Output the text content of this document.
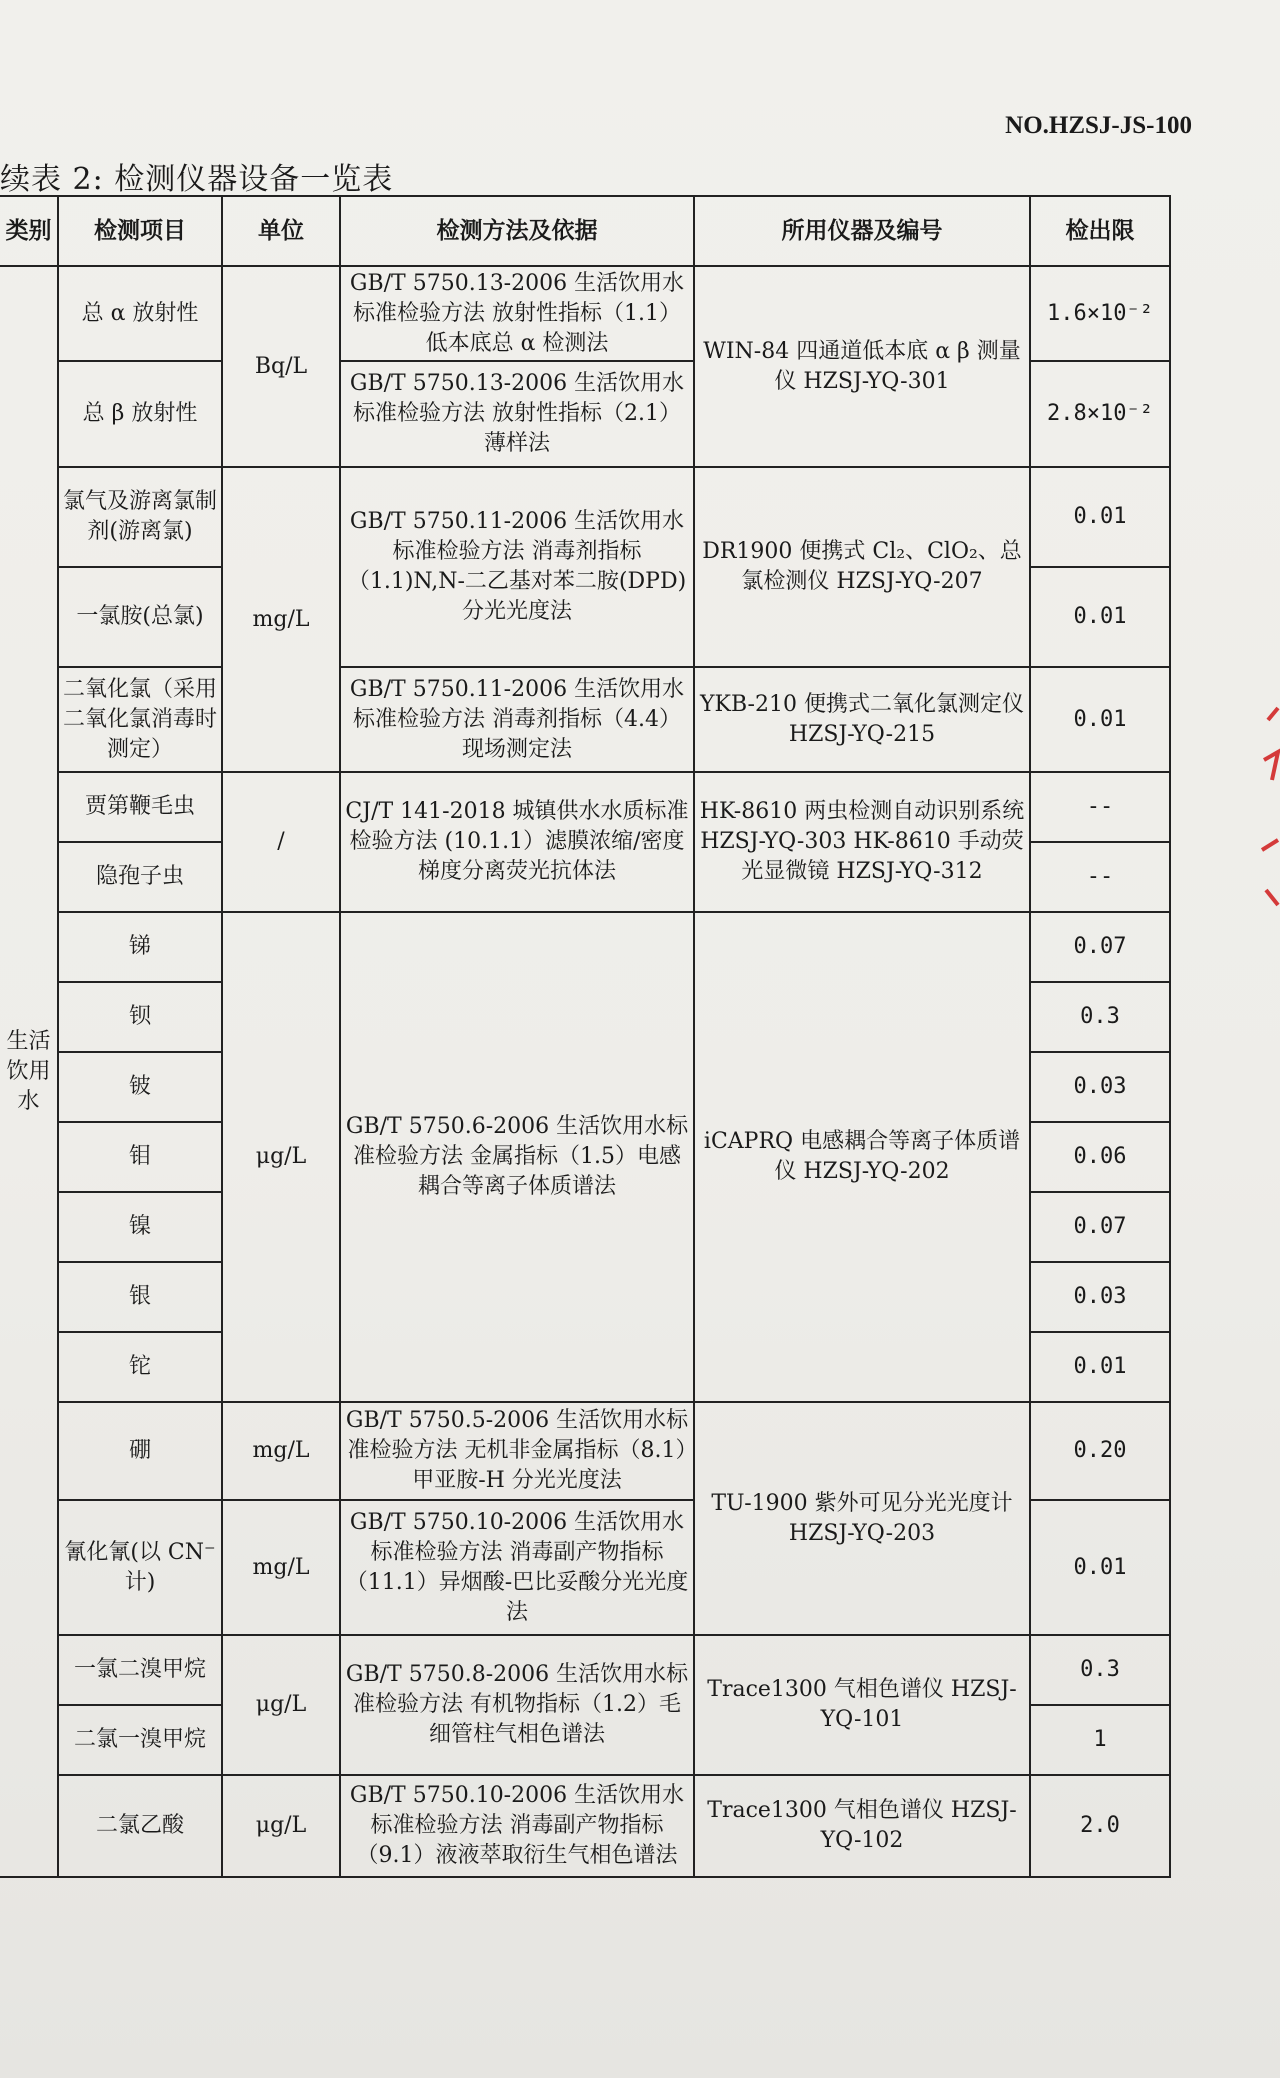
NO.HZSJ-JS-100
续表 2: 检测仪器设备一览表
类别	检测项目	单位	检测方法及依据	所用仪器及编号	检出限
生活饮用水	总 α 放射性	Bq/L	GB/T 5750.13-2006 生活饮用水标准检验方法 放射性指标（1.1）低本底总 α 检测法	WIN-84 四通道低本底 α β 测量仪 HZSJ-YQ-301	1.6×10⁻²
	总 β 放射性		GB/T 5750.13-2006 生活饮用水标准检验方法 放射性指标（2.1）薄样法		2.8×10⁻²
	氯气及游离氯制剂(游离氯)	mg/L	GB/T 5750.11-2006 生活饮用水标准检验方法 消毒剂指标（1.1)N,N-二乙基对苯二胺(DPD)分光光度法	DR1900 便携式 Cl₂、ClO₂、总氯检测仪 HZSJ-YQ-207	0.01
	一氯胺(总氯)				0.01
	二氧化氯（采用二氧化氯消毒时测定）		GB/T 5750.11-2006 生活饮用水标准检验方法 消毒剂指标（4.4）现场测定法	YKB-210 便携式二氧化氯测定仪 HZSJ-YQ-215	0.01
	贾第鞭毛虫	/	CJ/T 141-2018 城镇供水水质标准检验方法 (10.1.1）滤膜浓缩/密度梯度分离荧光抗体法	HK-8610 两虫检测自动识别系统 HZSJ-YQ-303 HK-8610 手动荧光显微镜 HZSJ-YQ-312	--
	隐孢子虫				--
	锑	μg/L	GB/T 5750.6-2006 生活饮用水标准检验方法 金属指标（1.5）电感耦合等离子体质谱法	iCAPRQ 电感耦合等离子体质谱仪 HZSJ-YQ-202	0.07
	钡				0.3
	铍				0.03
	钼				0.06
	镍				0.07
	银				0.03
	铊				0.01
	硼	mg/L	GB/T 5750.5-2006 生活饮用水标准检验方法 无机非金属指标（8.1）甲亚胺-H 分光光度法	TU-1900 紫外可见分光光度计 HZSJ-YQ-203	0.20
	氰化氰(以 CN⁻计)	mg/L	GB/T 5750.10-2006 生活饮用水标准检验方法 消毒副产物指标（11.1）异烟酸-巴比妥酸分光光度法		0.01
	一氯二溴甲烷	μg/L	GB/T 5750.8-2006 生活饮用水标准检验方法 有机物指标（1.2）毛细管柱气相色谱法	Trace1300 气相色谱仪 HZSJ-YQ-101	0.3
	二氯一溴甲烷				1
	二氯乙酸	μg/L	GB/T 5750.10-2006 生活饮用水标准检验方法 消毒副产物指标（9.1）液液萃取衍生气相色谱法	Trace1300 气相色谱仪 HZSJ-YQ-102	2.0
